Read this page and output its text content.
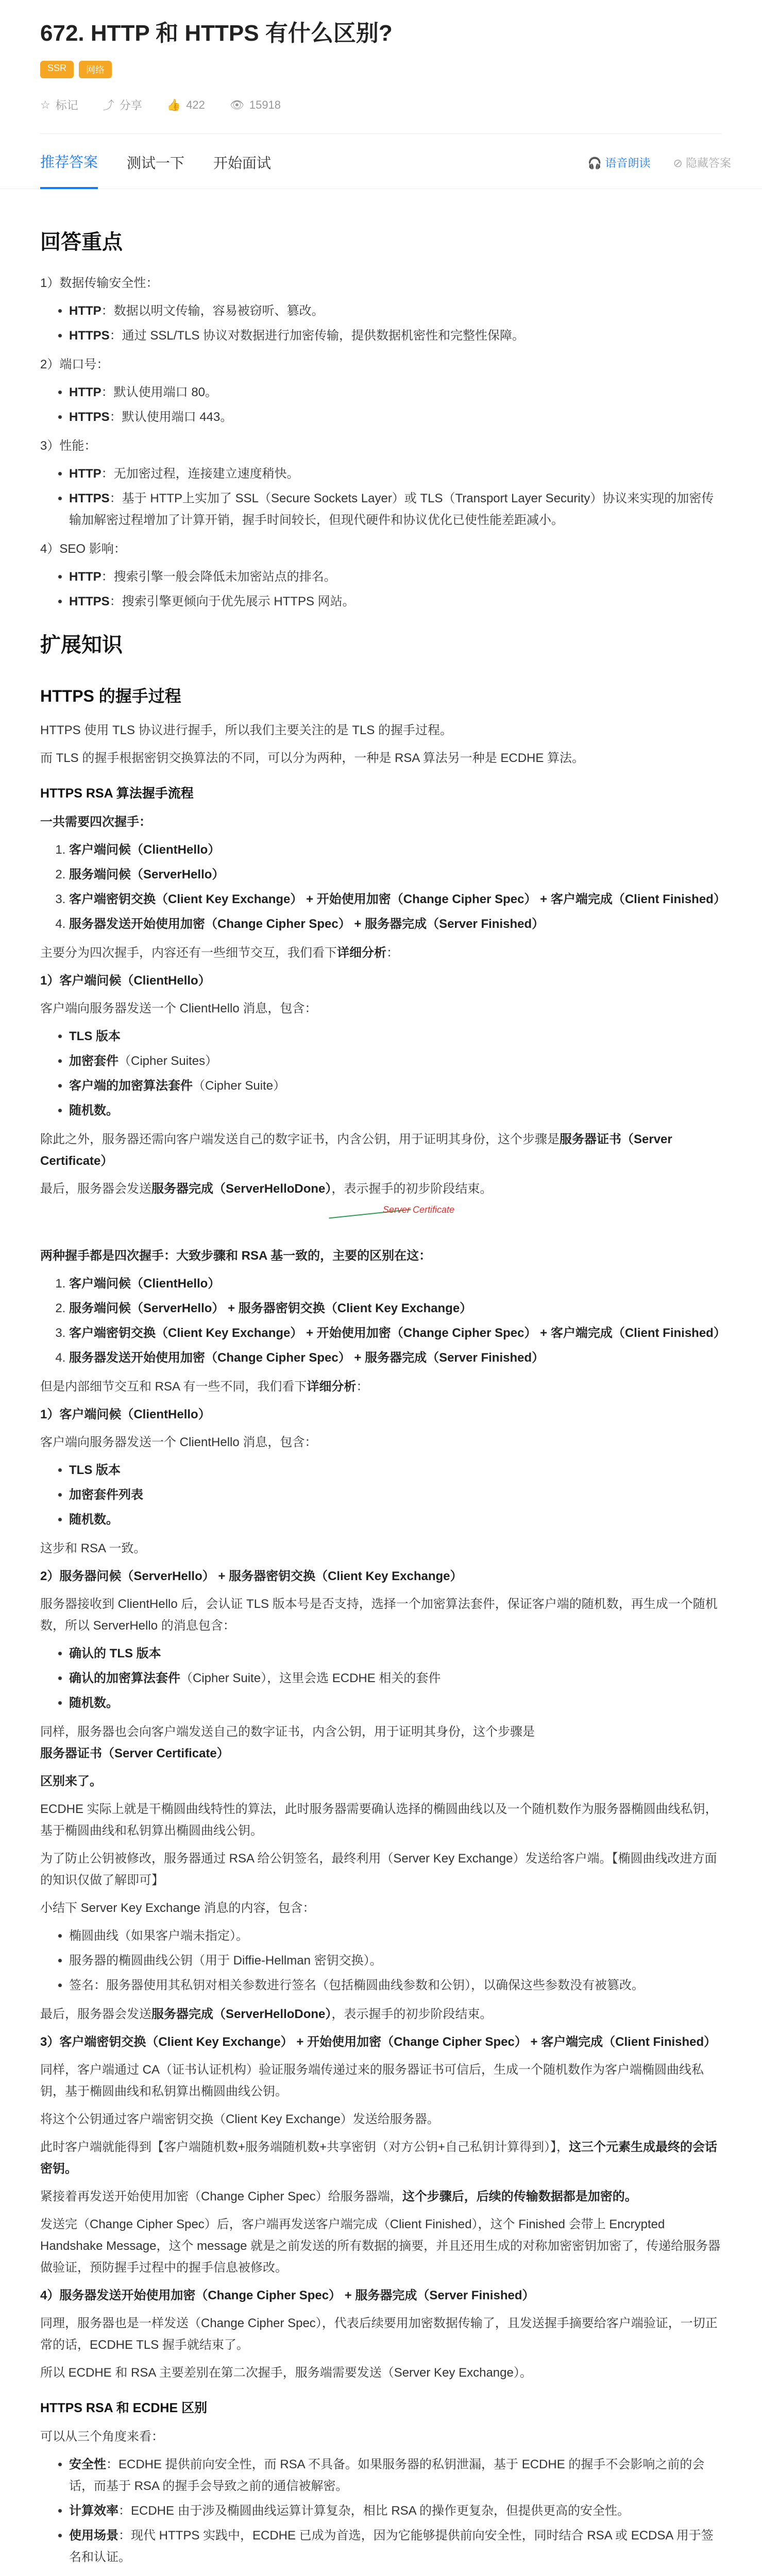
672. HTTP 和 HTTPS 有什么区别?
SSR	网络
☆ 标记 ⤴ 分享 👍 422 👁 15918
推荐答案 测试一下 开始面试	🎧 语音朗读 ⊘ 隐藏答案
回答重点

1）数据传输安全性：

• HTTP：数据以明文传输，容易被窃听、篡改。
• HTTPS：通过 SSL/TLS 协议对数据进行加密传输，提供数据机密性和完整性保障。

2）端口号：

• HTTP：默认使用端口 80。
• HTTPS：默认使用端口 443。

3）性能：

• HTTP：无加密过程，连接建立速度稍快。
• HTTPS：基于 HTTP上实加了 SSL（Secure Sockets Layer）或 TLS（Transport Layer Security）协议来实现的加密传输加解密过程增加了计算开销，握手时间较长，但现代硬件和协议优化已使性能差距减小。

4）SEO 影响：

• HTTP：搜索引擎一般会降低未加密站点的排名。
• HTTPS：搜索引擎更倾向于优先展示 HTTPS 网站。
扩展知识
HTTPS 的握手过程

HTTPS 使用 TLS 协议进行握手，所以我们主要关注的是 TLS 的握手过程。

而 TLS 的握手根据密钥交换算法的不同，可以分为两种，一种是 RSA 算法另一种是 ECDHE 算法。

HTTPS RSA 算法握手流程

一共需要四次握手：

1. 客户端问候（ClientHello）
2. 服务端问候（ServerHello）
3. 客户端密钥交换（Client Key Exchange） + 开始使用加密（Change Cipher Spec） + 客户端完成（Client Finished）
4. 服务器发送开始使用加密（Change Cipher Spec） + 服务器完成（Server Finished）

主要分为四次握手，内容还有一些细节交互，我们看下详细分析：

1）客户端问候（ClientHello）

客户端向服务器发送一个 ClientHello 消息，包含：

• TLS 版本
• 加密套件（Cipher Suites）
• 客户端的加密算法套件（Cipher Suite）
• 随机数。

除此之外，服务器还需向客户端发送自己的数字证书，内含公钥，用于证明其身份，这个步骤是服务器证书（Server Certificate）

最后，服务器会发送服务器完成（ServerHelloDone），表示握手的初步阶段结束。

Server Certificate

两种握手都是四次握手：大致步骤和 RSA 基一致的，主要的区别在这：

1. 客户端问候（ClientHello）
2. 服务端问候（ServerHello） + 服务器密钥交换（Client Key Exchange）
3. 客户端密钥交换（Client Key Exchange） + 开始使用加密（Change Cipher Spec） + 客户端完成（Client Finished）
4. 服务器发送开始使用加密（Change Cipher Spec） + 服务器完成（Server Finished）

但是内部细节交互和 RSA 有一些不同，我们看下详细分析：

1）客户端问候（ClientHello）

客户端向服务器发送一个 ClientHello 消息，包含：

• TLS 版本
• 加密套件列表
• 随机数。

这步和 RSA 一致。

2）服务器问候（ServerHello） + 服务器密钥交换（Client Key Exchange）

服务器接收到 ClientHello 后，会认证 TLS 版本号是否支持，选择一个加密算法套件，保证客户端的随机数，再生成一个随机数，所以 ServerHello 的消息包含：

• 确认的 TLS 版本
• 确认的加密算法套件（Cipher Suite），这里会选 ECDHE 相关的套件
• 随机数。

同样，服务器也会向客户端发送自己的数字证书，内含公钥，用于证明其身份，这个步骤是服务器证书（Server Certificate）

区别来了。

ECDHE 实际上就是干椭圆曲线特性的算法，此时服务器需要确认选择的椭圆曲线以及一个随机数作为服务器椭圆曲线私钥，基于椭圆曲线和私钥算出椭圆曲线公钥。

为了防止公钥被修改，服务器通过 RSA 给公钥签名，最终利用（Server Key Exchange）发送给客户端。【椭圆曲线改进方面的知识仅做了解即可】

小结下 Server Key Exchange 消息的内容，包含：

• 椭圆曲线（如果客户端未指定）。
• 服务器的椭圆曲线公钥（用于 Diffie-Hellman 密钥交换）。
• 签名：服务器使用其私钥对相关参数进行签名（包括椭圆曲线参数和公钥），以确保这些参数没有被篡改。

最后，服务器会发送服务器完成（ServerHelloDone），表示握手的初步阶段结束。

3）客户端密钥交换（Client Key Exchange） + 开始使用加密（Change Cipher Spec） + 客户端完成（Client Finished）

同样，客户端通过 CA（证书认证机构）验证服务端传递过来的服务器证书可信后，生成一个随机数作为客户端椭圆曲线私钥，基于椭圆曲线和私钥算出椭圆曲线公钥。

将这个公钥通过客户端密钥交换（Client Key Exchange）发送给服务器。

此时客户端就能得到【客户端随机数+服务端随机数+共享密钥（对方公钥+自己私钥计算得到）】，这三个元素生成最终的会话密钥。

紧接着再发送开始使用加密（Change Cipher Spec）给服务器端，这个步骤后，后续的传输数据都是加密的。

发送完（Change Cipher Spec）后，客户端再发送客户端完成（Client Finished），这个 Finished 会带上 Encrypted Handshake Message，这个 message 就是之前发送的所有数据的摘要，并且还用生成的对称加密密钥加密了，传递给服务器做验证，预防握手过程中的握手信息被修改。

4）服务器发送开始使用加密（Change Cipher Spec） + 服务器完成（Server Finished）

同理，服务器也是一样发送（Change Cipher Spec），代表后续要用加密数据传输了，且发送握手摘要给客户端验证，一切正常的话，ECDHE TLS 握手就结束了。

所以 ECDHE 和 RSA 主要差别在第二次握手，服务端需要发送（Server Key Exchange）。

HTTPS RSA 和 ECDHE 区别

可以从三个角度来看：

• 安全性：ECDHE 提供前向安全性，而 RSA 不具备。如果服务器的私钥泄漏，基于 ECDHE 的握手不会影响之前的会话，而基于 RSA 的握手会导致之前的通信被解密。
• 计算效率：ECDHE 由于涉及椭圆曲线运算计算复杂，相比 RSA 的操作更复杂，但提供更高的安全性。
• 使用场景：现代 HTTPS 实践中，ECDHE 已成为首选，因为它能够提供前向安全性，同时结合 RSA 或 ECDSA 用于签名和认证。
